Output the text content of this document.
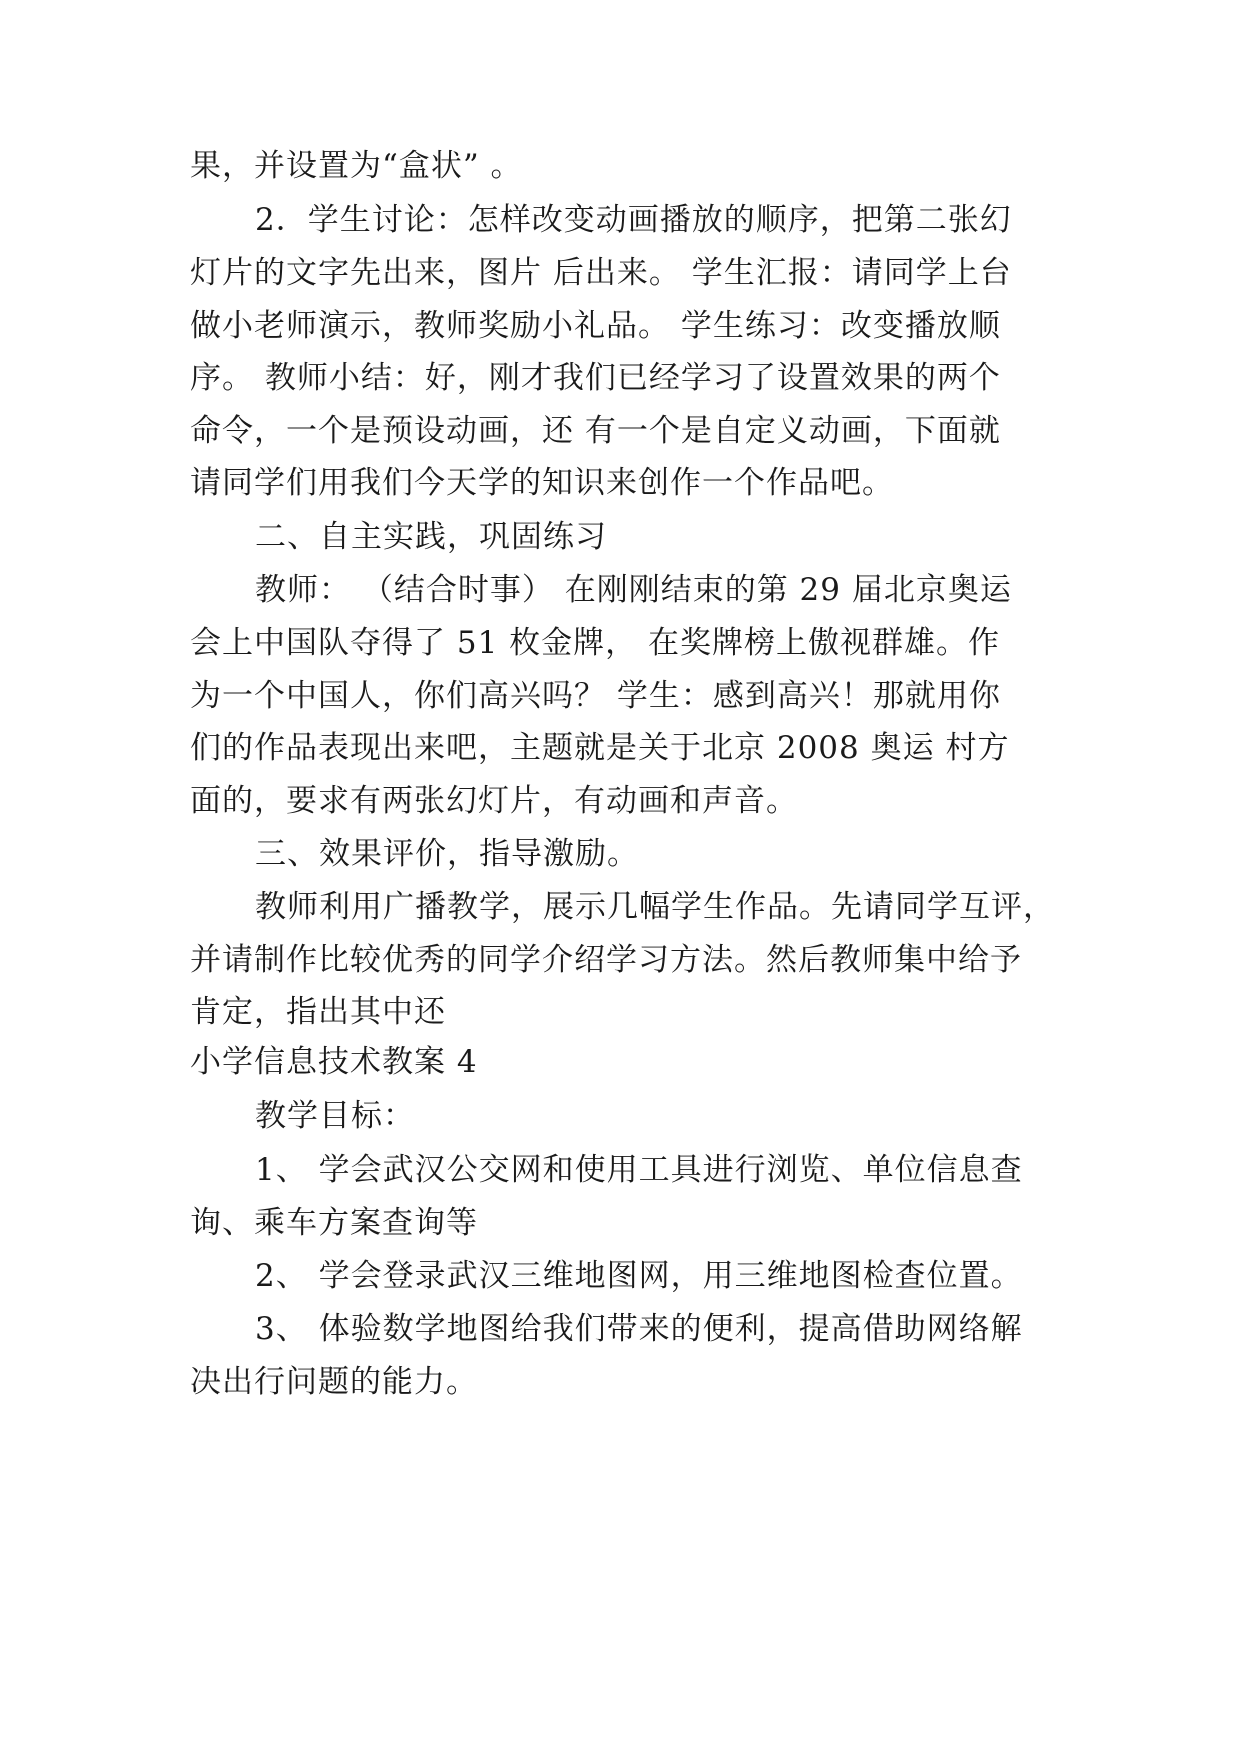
果，并设置为“盒状” 。
2．学生讨论：怎样改变动画播放的顺序，把第二张幻
灯片的文字先出来，图片 后出来。 学生汇报：请同学上台
做小老师演示，教师奖励小礼品。 学生练习：改变播放顺
序。 教师小结：好，刚才我们已经学习了设置效果的两个
命令，一个是预设动画，还 有一个是自定义动画，下面就
请同学们用我们今天学的知识来创作一个作品吧。
二、自主实践，巩固练习
教师： （结合时事） 在刚刚结束的第 29 届北京奥运
会上中国队夺得了 51 枚金牌， 在奖牌榜上傲视群雄。作
为一个中国人，你们高兴吗？ 学生：感到高兴！那就用你
们的作品表现出来吧，主题就是关于北京 2008 奥运 村方
面的，要求有两张幻灯片，有动画和声音。
三、效果评价，指导激励。
教师利用广播教学，展示几幅学生作品。先请同学互评，
并请制作比较优秀的同学介绍学习方法。然后教师集中给予
肯定，指出其中还
小学信息技术教案 4
教学目标：
1、 学会武汉公交网和使用工具进行浏览、单位信息查
询、乘车方案查询等
2、 学会登录武汉三维地图网，用三维地图检查位置。
3、 体验数学地图给我们带来的便利，提高借助网络解
决出行问题的能力。
